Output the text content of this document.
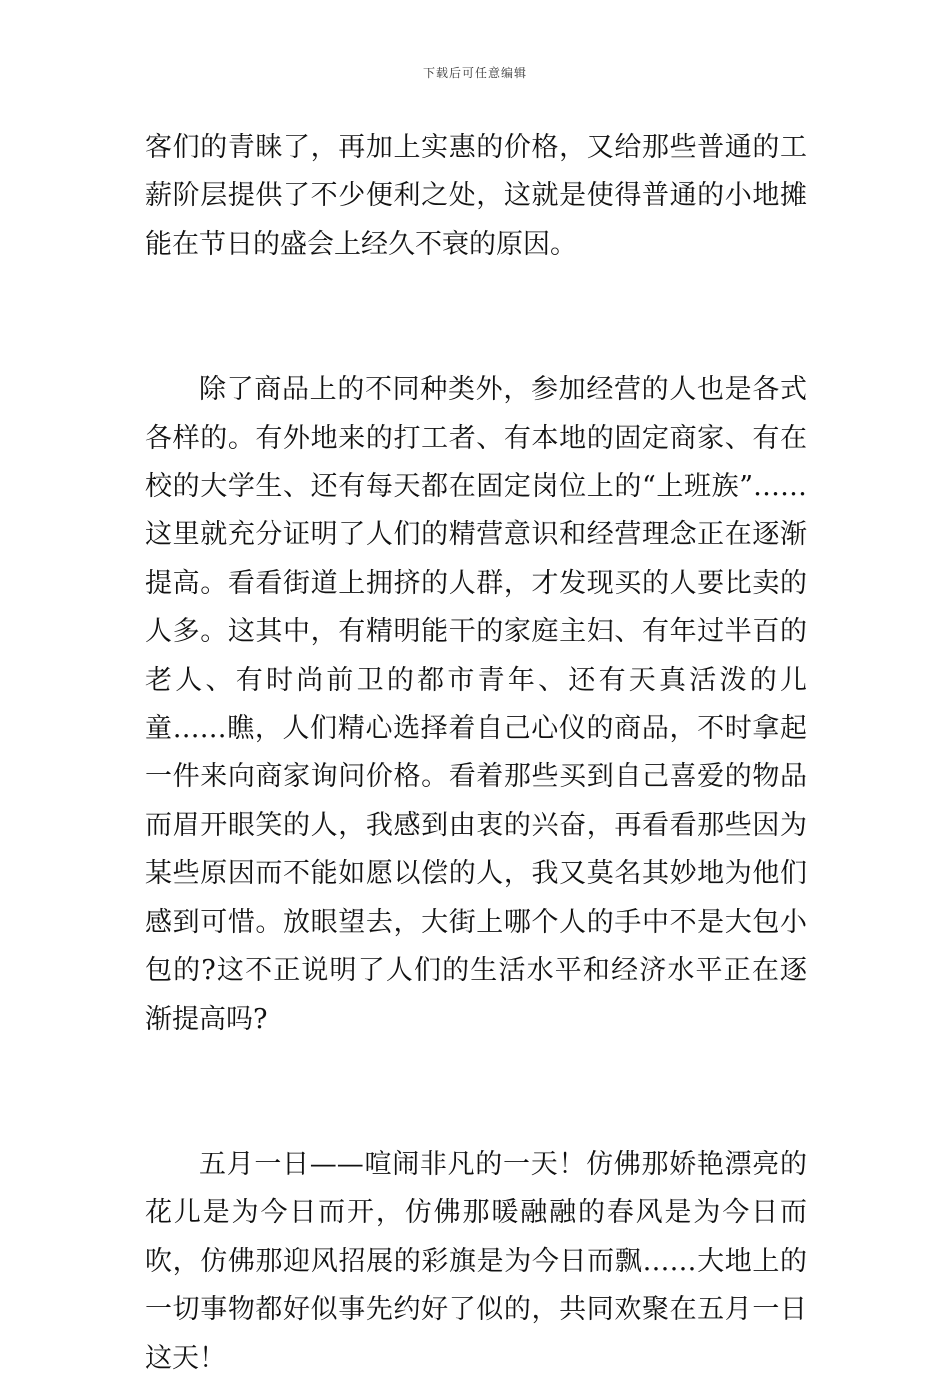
下载后可任意编辑

客们的青睐了，再加上实惠的价格，又给那些普通的工薪阶层提供了不少便利之处，这就是使得普通的小地摊能在节日的盛会上经久不衰的原因。

除了商品上的不同种类外，参加经营的人也是各式各样的。有外地来的打工者、有本地的固定商家、有在校的大学生、还有每天都在固定岗位上的“上班族”……这里就充分证明了人们的精营意识和经营理念正在逐渐提高。看看街道上拥挤的人群，才发现买的人要比卖的人多。这其中，有精明能干的家庭主妇、有年过半百的老人、有时尚前卫的都市青年、还有天真活泼的儿童……瞧，人们精心选择着自己心仪的商品，不时拿起一件来向商家询问价格。看着那些买到自己喜爱的物品而眉开眼笑的人，我感到由衷的兴奋，再看看那些因为某些原因而不能如愿以偿的人，我又莫名其妙地为他们感到可惜。放眼望去，大街上哪个人的手中不是大包小包的?这不正说明了人们的生活水平和经济水平正在逐渐提高吗?

五月一日——喧闹非凡的一天！仿佛那娇艳漂亮的花儿是为今日而开，仿佛那暖融融的春风是为今日而吹，仿佛那迎风招展的彩旗是为今日而飘……大地上的一切事物都好似事先约好了似的，共同欢聚在五月一日这天！
